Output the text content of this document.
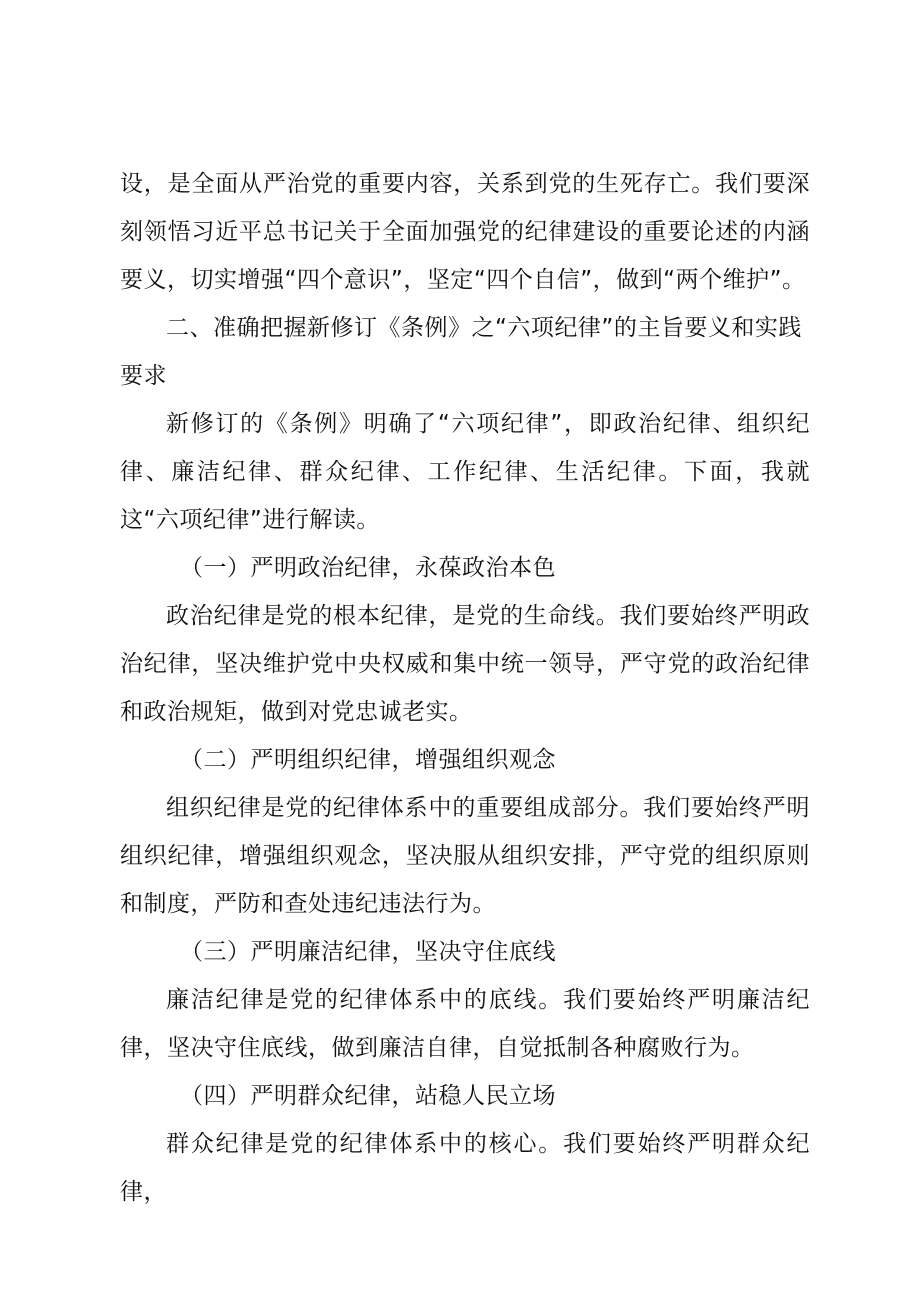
设，是全面从严治党的重要内容，关系到党的生死存亡。我们要深刻领悟习近平总书记关于全面加强党的纪律建设的重要论述的内涵要义，切实增强“四个意识”，坚定“四个自信”，做到“两个维护”。

二、准确把握新修订《条例》之“六项纪律”的主旨要义和实践要求

新修订的《条例》明确了“六项纪律”，即政治纪律、组织纪律、廉洁纪律、群众纪律、工作纪律、生活纪律。下面，我就这“六项纪律”进行解读。

（一）严明政治纪律，永葆政治本色

政治纪律是党的根本纪律，是党的生命线。我们要始终严明政治纪律，坚决维护党中央权威和集中统一领导，严守党的政治纪律和政治规矩，做到对党忠诚老实。

（二）严明组织纪律，增强组织观念

组织纪律是党的纪律体系中的重要组成部分。我们要始终严明组织纪律，增强组织观念，坚决服从组织安排，严守党的组织原则和制度，严防和查处违纪违法行为。

（三）严明廉洁纪律，坚决守住底线

廉洁纪律是党的纪律体系中的底线。我们要始终严明廉洁纪律，坚决守住底线，做到廉洁自律，自觉抵制各种腐败行为。

（四）严明群众纪律，站稳人民立场

群众纪律是党的纪律体系中的核心。我们要始终严明群众纪律，
